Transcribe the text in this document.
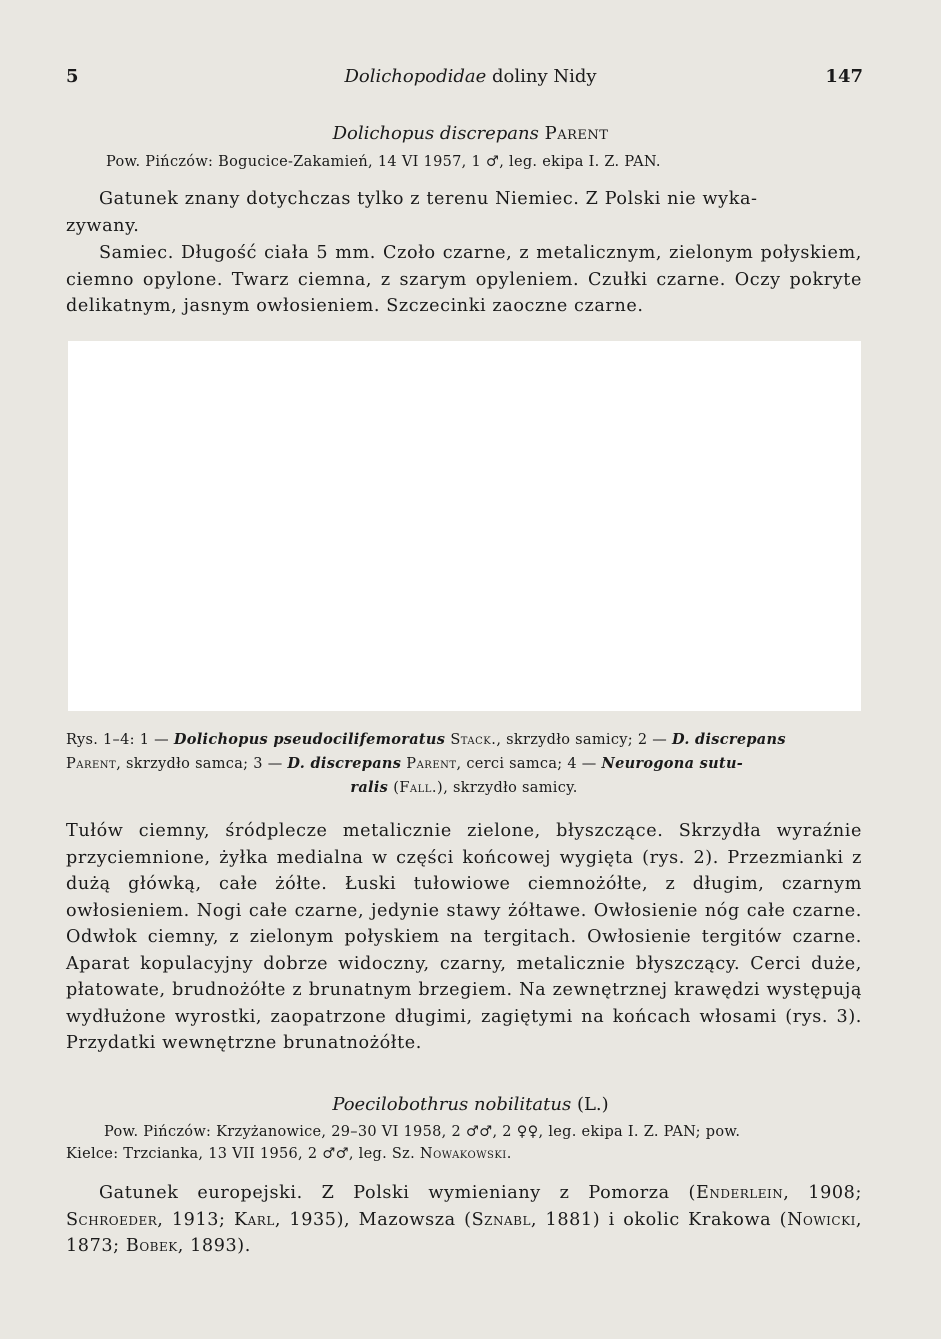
5	Dolichopodidae doliny Nidy	147
Dolichopus discrepans Parent
Pow. Pińczów: Bogucice-Zakamień, 14 VI 1957, 1 ♂, leg. ekipa I. Z. PAN.

Gatunek znany dotychczas tylko z terenu Niemiec. Z Polski nie wyka-

zywany.

Samiec. Długość ciała 5 mm. Czoło czarne, z metalicznym, zielonym połyskiem, ciemno opylone. Twarz ciemna, z szarym opyleniem. Czułki czarne. Oczy pokryte delikatnym, jasnym owłosieniem. Szczecinki zaoczne czarne.

Rys. 1–4: 1 — Dolichopus pseudocilifemoratus Stack., skrzydło samicy; 2 — D. discrepans
Parent, skrzydło samca; 3 — D. discrepans Parent, cerci samca; 4 — Neurogona sutu-
ralis (Fall.), skrzydło samicy.

Tułów ciemny, śródplecze metalicznie zielone, błyszczące. Skrzydła wyraźnie przyciemnione, żyłka medialna w części końcowej wygięta (rys. 2). Przezmianki z dużą główką, całe żółte. Łuski tułowiowe ciemnożółte, z długim, czarnym owłosieniem. Nogi całe czarne, jedynie stawy żółtawe. Owłosienie nóg całe czarne. Odwłok ciemny, z zielonym połyskiem na tergitach. Owłosienie tergitów czarne. Aparat kopulacyjny dobrze widoczny, czarny, metalicznie błyszczący. Cerci duże, płatowate, brudnożółte z brunatnym brzegiem. Na zewnętrznej krawędzi występują wydłużone wyrostki, zaopatrzone długimi, zagiętymi na końcach włosami (rys. 3). Przydatki wewnętrzne brunatnożółte.

Poecilobothrus nobilitatus (L.)
Pow. Pińczów: Krzyżanowice, 29–30 VI 1958, 2 ♂♂, 2 ♀♀, leg. ekipa I. Z. PAN; pow.
Kielce: Trzcianka, 13 VII 1956, 2 ♂♂, leg. Sz. Nowakowski.

Gatunek europejski. Z Polski wymieniany z Pomorza (Enderlein, 1908; Schroeder, 1913; Karl, 1935), Mazowsza (Sznabl, 1881) i okolic Krakowa (Nowicki, 1873; Bobek, 1893).
